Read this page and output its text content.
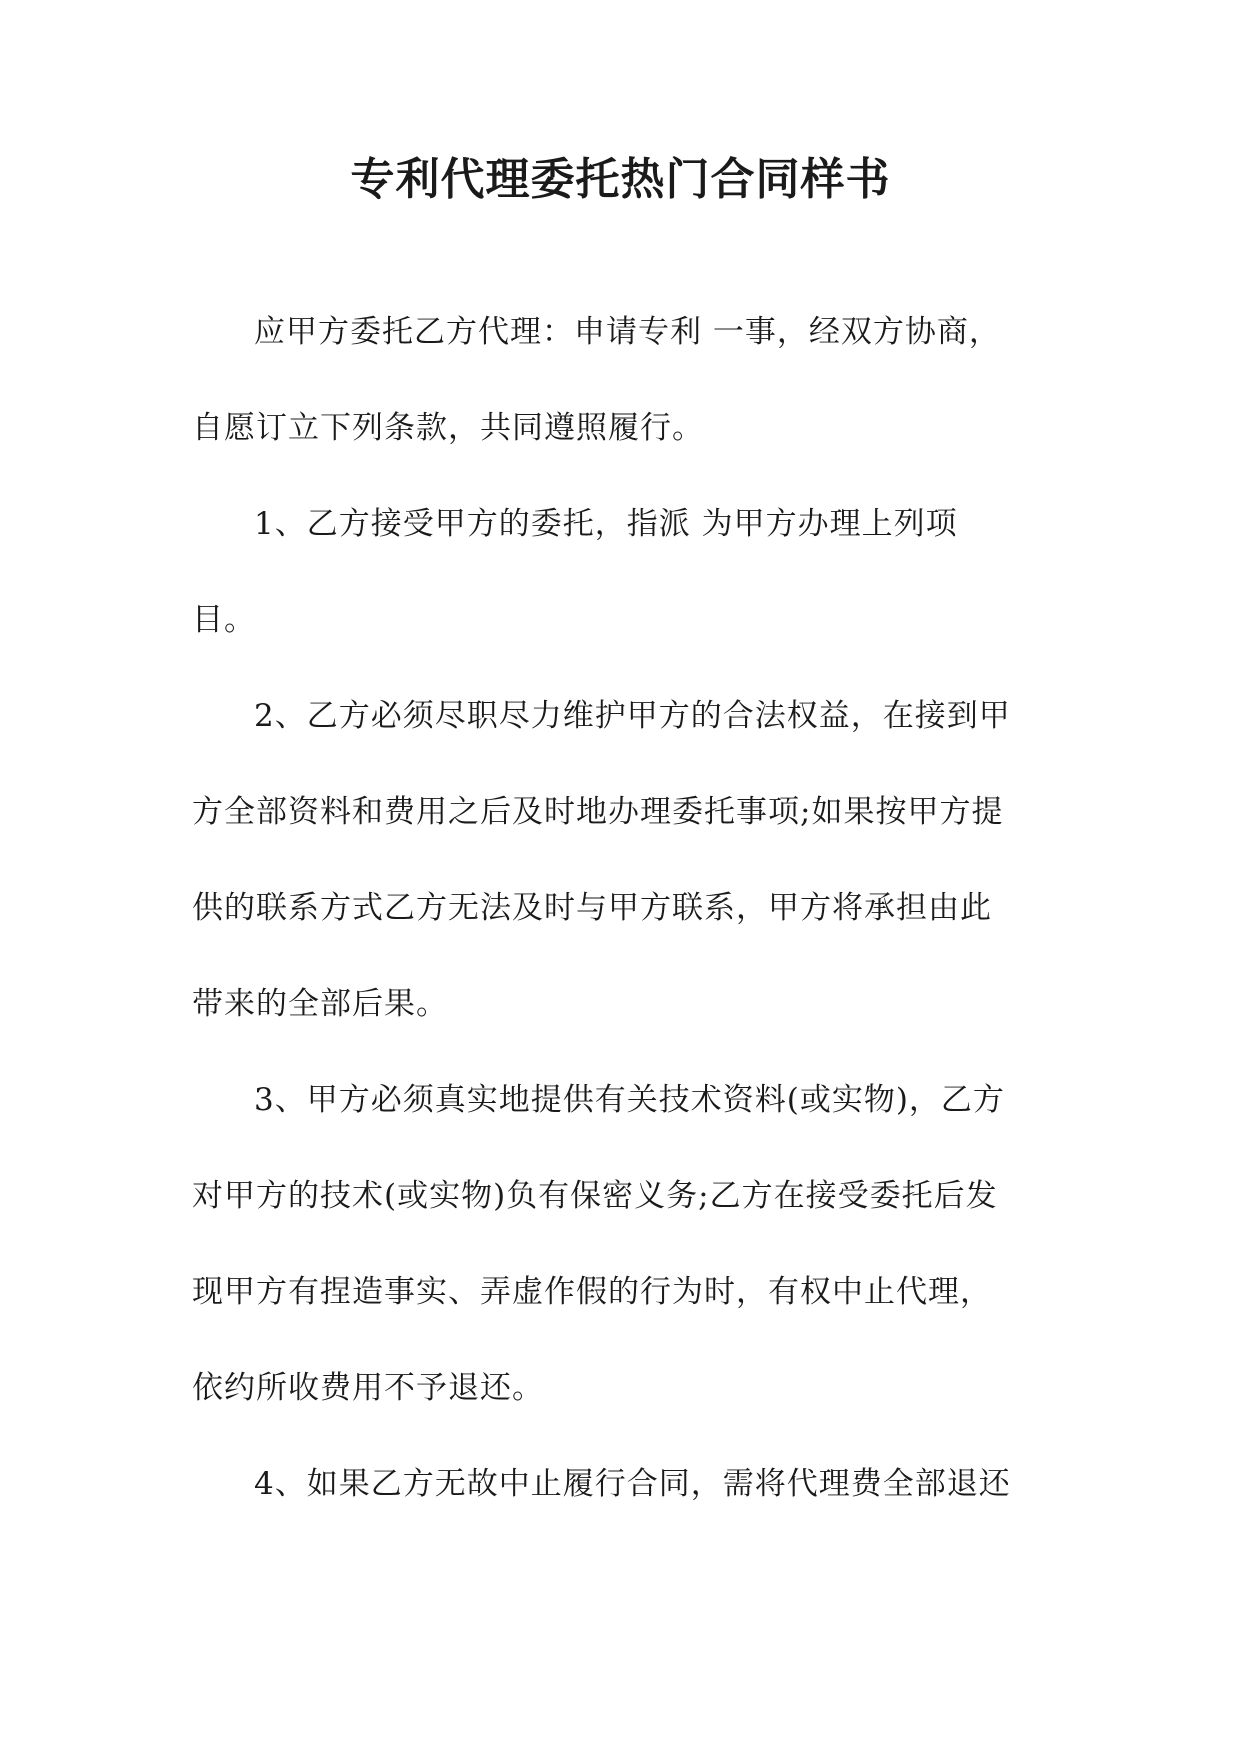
专利代理委托热门合同样书

应甲方委托乙方代理：申请专利 一事，经双方协商，

自愿订立下列条款，共同遵照履行。

1、乙方接受甲方的委托，指派 为甲方办理上列项

目。

2、乙方必须尽职尽力维护甲方的合法权益，在接到甲

方全部资料和费用之后及时地办理委托事项;如果按甲方提

供的联系方式乙方无法及时与甲方联系，甲方将承担由此

带来的全部后果。

3、甲方必须真实地提供有关技术资料(或实物)，乙方

对甲方的技术(或实物)负有保密义务;乙方在接受委托后发

现甲方有捏造事实、弄虚作假的行为时，有权中止代理，

依约所收费用不予退还。

4、如果乙方无故中止履行合同，需将代理费全部退还
